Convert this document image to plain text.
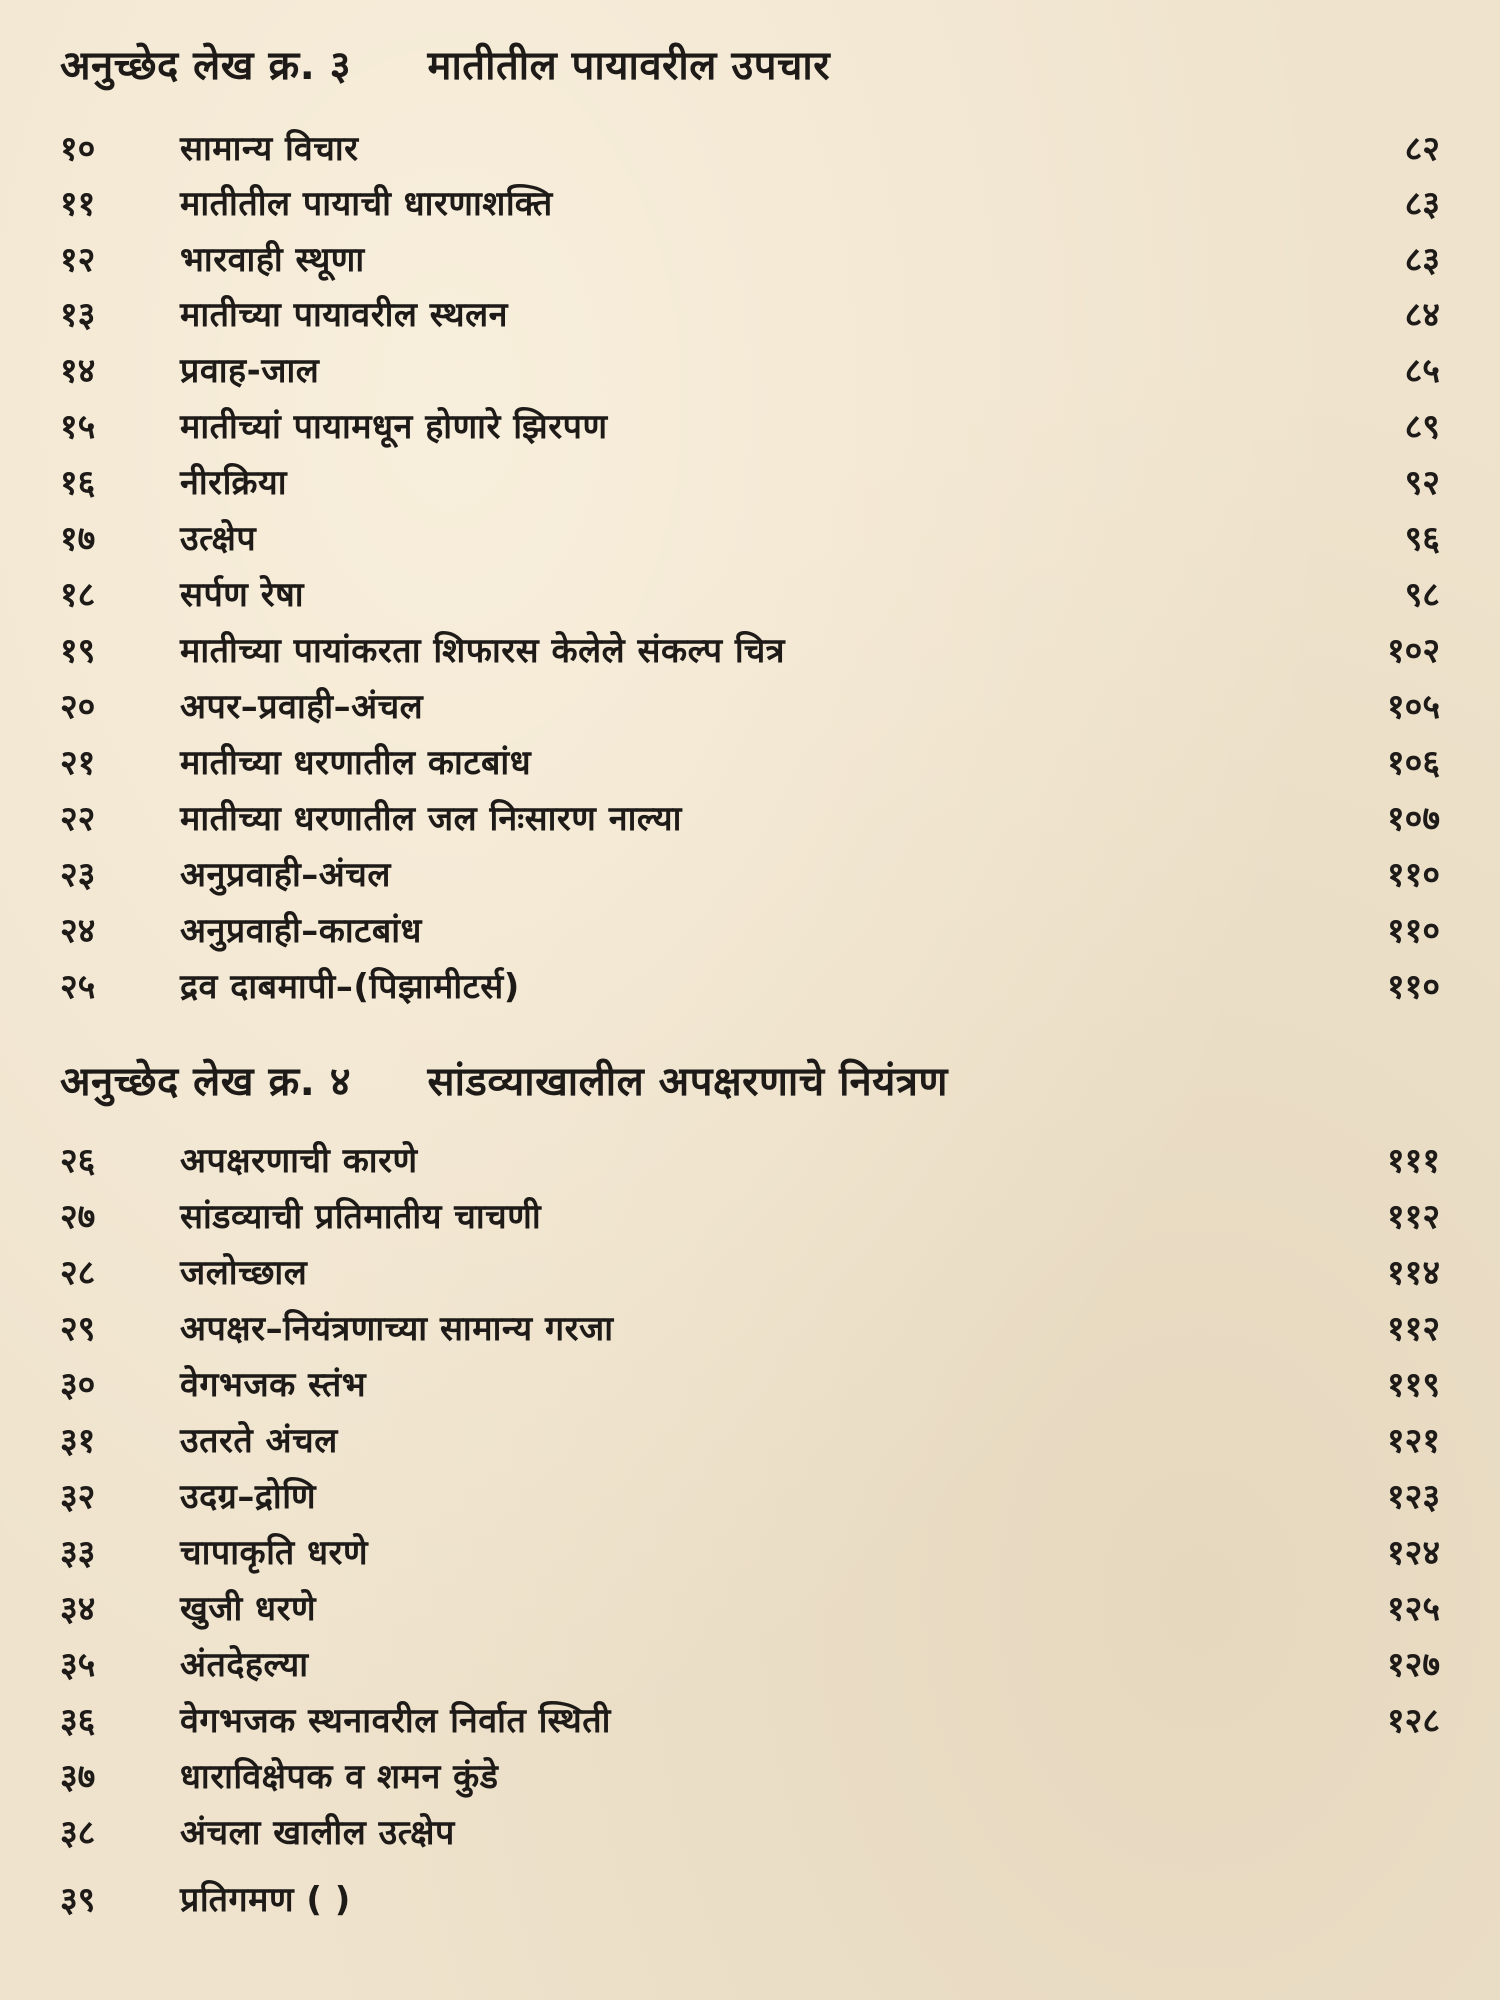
अनुच्छेद लेख क्र. ३ मातीतील पायावरील उपचार
१० सामान्य विचार	८२
११ मातीतील पायाची धारणाशक्ति	८३
१२ भारवाही स्थूणा	८३
१३ मातीच्या पायावरील स्थलन	८४
१४ प्रवाह-जाल	८५
१५ मातीच्यां पायामधून होणारे झिरपण	८९
१६ नीरक्रिया	९२
१७ उत्क्षेप	९६
१८ सर्पण रेषा	९८
१९ मातीच्या पायांकरता शिफारस केलेले संकल्प चित्र	१०२
२० अपर–प्रवाही–अंचल	१०५
२१ मातीच्या धरणातील काटबांध	१०६
२२ मातीच्या धरणातील जल निःसारण नाल्या	१०७
२३ अनुप्रवाही–अंचल	११०
२४ अनुप्रवाही–काटबांध	११०
२५ द्रव दाबमापी–(पिझामीटर्स)	११०
अनुच्छेद लेख क्र. ४ सांडव्याखालील अपक्षरणाचे नियंत्रण
२६ अपक्षरणाची कारणे	१११
२७ सांडव्याची प्रतिमातीय चाचणी	११२
२८ जलोच्छाल	११४
२९ अपक्षर–नियंत्रणाच्या सामान्य गरजा	११२
३० वेगभजक स्तंभ	११९
३१ उतरते अंचल	१२१
३२ उदग्र–द्रोणि	१२३
३३ चापाकृति धरणे	१२४
३४ खुजी धरणे	१२५
३५ अंतदेहल्या	१२७
३६ वेगभजक स्थनावरील निर्वात स्थिती	१२८
३७ धाराविक्षेपक व शमन कुंडे
३८ अंचला खालील उत्क्षेप
३९ प्रतिगमण ( )
